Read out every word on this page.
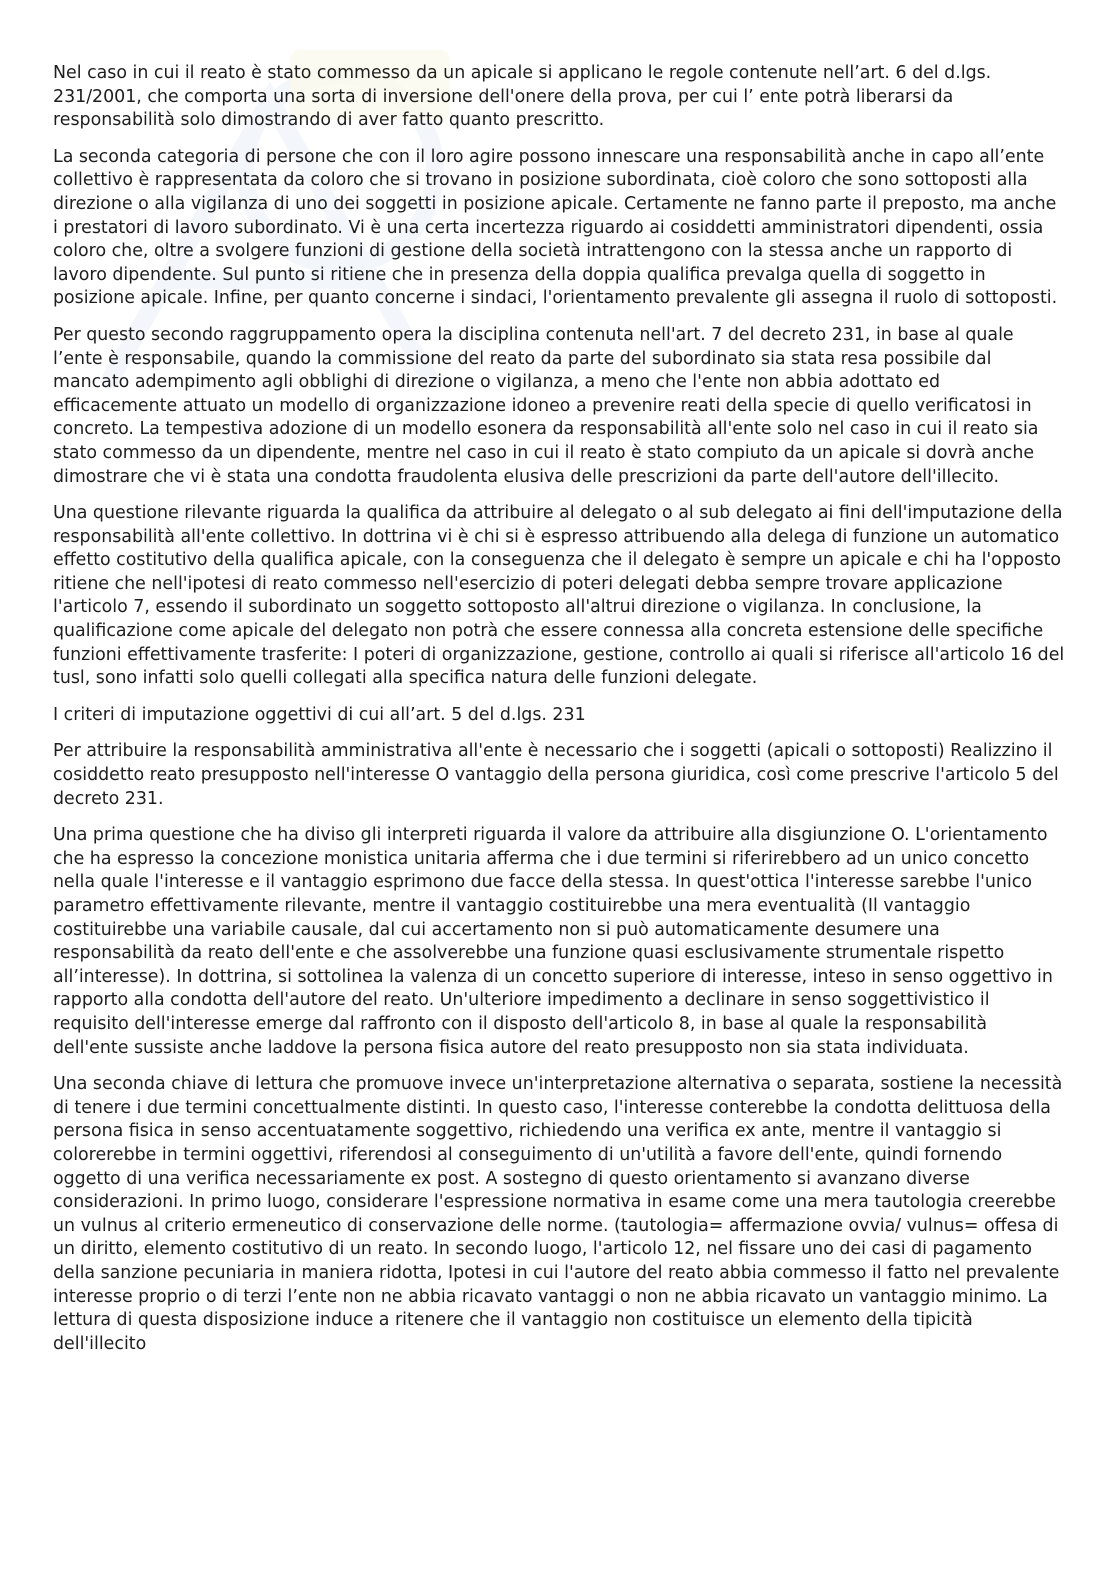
Nel caso in cui il reato è stato commesso da un apicale si applicano le regole contenute nell’art. 6 del d.lgs. 231/2001, che comporta una sorta di inversione dell'onere della prova, per cui l’ ente potrà liberarsi da responsabilità solo dimostrando di aver fatto quanto prescritto.

La seconda categoria di persone che con il loro agire possono innescare una responsabilità anche in capo all’ente collettivo è rappresentata da coloro che si trovano in posizione subordinata, cioè coloro che sono sottoposti alla direzione o alla vigilanza di uno dei soggetti in posizione apicale. Certamente ne fanno parte il preposto, ma anche i prestatori di lavoro subordinato. Vi è una certa incertezza riguardo ai cosiddetti amministratori dipendenti, ossia coloro che, oltre a svolgere funzioni di gestione della società intrattengono con la stessa anche un rapporto di lavoro dipendente. Sul punto si ritiene che in presenza della doppia qualifica prevalga quella di soggetto in posizione apicale. Infine, per quanto concerne i sindaci, l'orientamento prevalente gli assegna il ruolo di sottoposti.

Per questo secondo raggruppamento opera la disciplina contenuta nell'art. 7 del decreto 231, in base al quale l’ente è responsabile, quando la commissione del reato da parte del subordinato sia stata resa possibile dal mancato adempimento agli obblighi di direzione o vigilanza, a meno che l'ente non abbia adottato ed efficacemente attuato un modello di organizzazione idoneo a prevenire reati della specie di quello verificatosi in concreto. La tempestiva adozione di un modello esonera da responsabilità all'ente solo nel caso in cui il reato sia stato commesso da un dipendente, mentre nel caso in cui il reato è stato compiuto da un apicale si dovrà anche dimostrare che vi è stata una condotta fraudolenta elusiva delle prescrizioni da parte dell'autore dell'illecito.

Una questione rilevante riguarda la qualifica da attribuire al delegato o al sub delegato ai fini dell'imputazione della responsabilità all'ente collettivo. In dottrina vi è chi si è espresso attribuendo alla delega di funzione un automatico effetto costitutivo della qualifica apicale, con la conseguenza che il delegato è sempre un apicale e chi ha l'opposto ritiene che nell'ipotesi di reato commesso nell'esercizio di poteri delegati debba sempre trovare applicazione l'articolo 7, essendo il subordinato un soggetto sottoposto all'altrui direzione o vigilanza. In conclusione, la qualificazione come apicale del delegato non potrà che essere connessa alla concreta estensione delle specifiche funzioni effettivamente trasferite: I poteri di organizzazione, gestione, controllo ai quali si riferisce all'articolo 16 del tusl, sono infatti solo quelli collegati alla specifica natura delle funzioni delegate.

I criteri di imputazione oggettivi di cui all’art. 5 del d.lgs. 231

Per attribuire la responsabilità amministrativa all'ente è necessario che i soggetti (apicali o sottoposti) Realizzino il cosiddetto reato presupposto nell'interesse O vantaggio della persona giuridica, così come prescrive l'articolo 5 del decreto 231.

Una prima questione che ha diviso gli interpreti riguarda il valore da attribuire alla disgiunzione O. L'orientamento che ha espresso la concezione monistica unitaria afferma che i due termini si riferirebbero ad un unico concetto nella quale l'interesse e il vantaggio esprimono due facce della stessa. In quest'ottica l'interesse sarebbe l'unico parametro effettivamente rilevante, mentre il vantaggio costituirebbe una mera eventualità (Il vantaggio costituirebbe una variabile causale, dal cui accertamento non si può automaticamente desumere una responsabilità da reato dell'ente e che assolverebbe una funzione quasi esclusivamente strumentale rispetto all’interesse). In dottrina, si sottolinea la valenza di un concetto superiore di interesse, inteso in senso oggettivo in rapporto alla condotta dell'autore del reato. Un'ulteriore impedimento a declinare in senso soggettivistico il requisito dell'interesse emerge dal raffronto con il disposto dell'articolo 8, in base al quale la responsabilità dell'ente sussiste anche laddove la persona fisica autore del reato presupposto non sia stata individuata.

Una seconda chiave di lettura che promuove invece un'interpretazione alternativa o separata, sostiene la necessità di tenere i due termini concettualmente distinti. In questo caso, l'interesse conterebbe la condotta delittuosa della persona fisica in senso accentuatamente soggettivo, richiedendo una verifica ex ante, mentre il vantaggio si colorerebbe in termini oggettivi, riferendosi al conseguimento di un'utilità a favore dell'ente, quindi fornendo oggetto di una verifica necessariamente ex post. A sostegno di questo orientamento si avanzano diverse considerazioni. In primo luogo, considerare l'espressione normativa in esame come una mera tautologia creerebbe un vulnus al criterio ermeneutico di conservazione delle norme. (tautologia= affermazione ovvia/ vulnus= offesa di un diritto, elemento costitutivo di un reato. In secondo luogo, l'articolo 12, nel fissare uno dei casi di pagamento della sanzione pecuniaria in maniera ridotta, Ipotesi in cui l'autore del reato abbia commesso il fatto nel prevalente interesse proprio o di terzi l’ente non ne abbia ricavato vantaggi o non ne abbia ricavato un vantaggio minimo. La lettura di questa disposizione induce a ritenere che il vantaggio non costituisce un elemento della tipicità dell'illecito
